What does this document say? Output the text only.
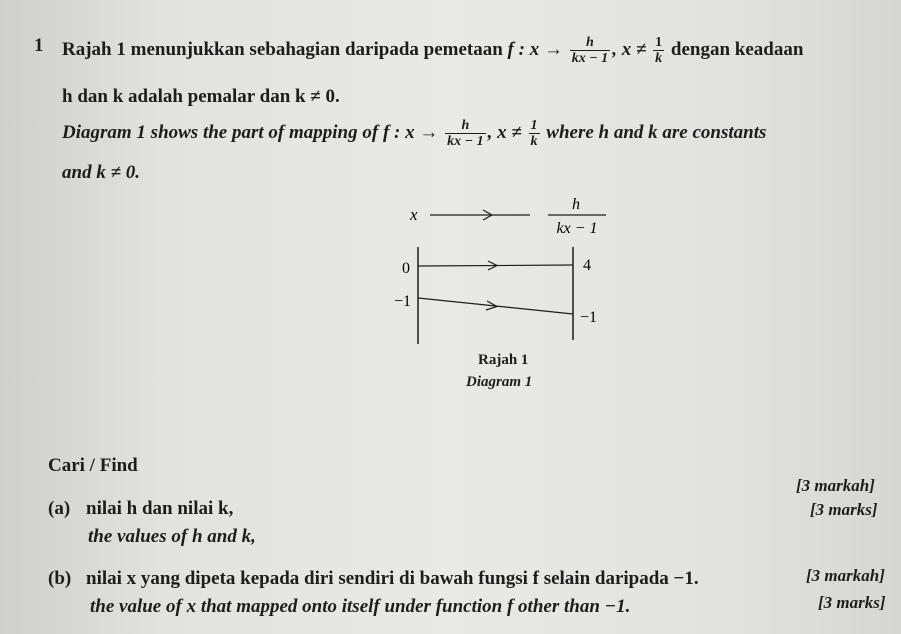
1 Rajah 1 menunjukkan sebahagian daripada pemetaan f : $x \to \frac{h}{kx - 1}$ , $x \ne \frac{1}{k}$ dengan keadaan
h dan k adalah pemalar dan k ≠ 0.
Diagram 1 shows the part of mapping of f : $x \to \frac{h}{kx - 1}$ , $x \ne \frac{1}{k}$ where h and k are constants
and k ≠ 0.
x
h
kx − 1
0
−1
4
−1
Rajah 1
Diagram 1
Cari / Find
[3 markah]
(a) nilai h dan nilai k,	[3 marks]
the values of h and k,
(b) nilai x yang dipeta kepada diri sendiri di bawah fungsi f selain daripada −1.	[3 markah]
the value of x that mapped onto itself under function f other than −1.	[3 marks]
